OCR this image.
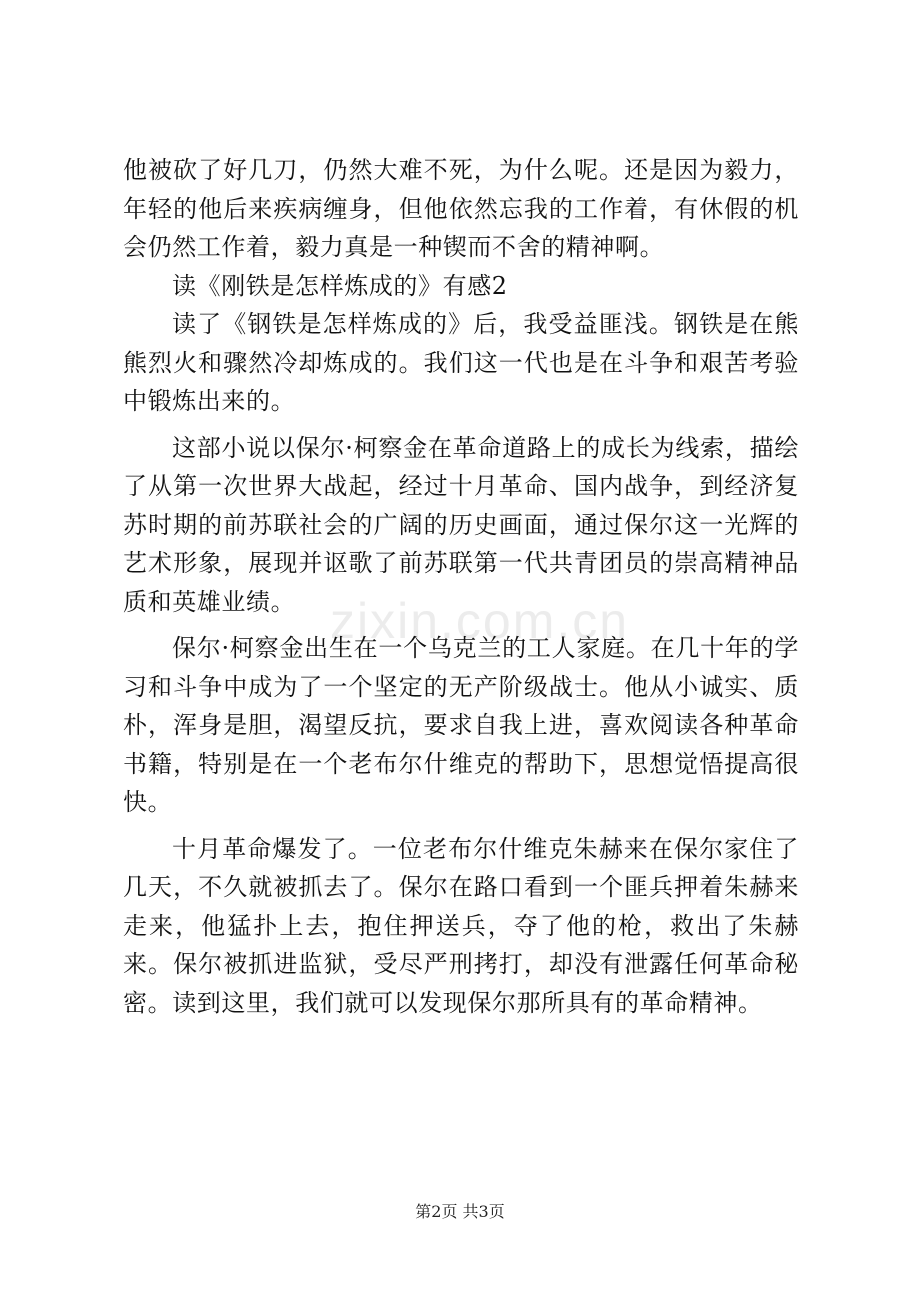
zixin.com.cn

他被砍了好几刀，仍然大难不死，为什么呢。还是因为毅力，年轻的他后来疾病缠身，但他依然忘我的工作着，有休假的机会仍然工作着，毅力真是一种锲而不舍的精神啊。

读《刚铁是怎样炼成的》有感2

读了《钢铁是怎样炼成的》后，我受益匪浅。钢铁是在熊熊烈火和骤然冷却炼成的。我们这一代也是在斗争和艰苦考验中锻炼出来的。

这部小说以保尔·柯察金在革命道路上的成长为线索，描绘了从第一次世界大战起，经过十月革命、国内战争，到经济复苏时期的前苏联社会的广阔的历史画面，通过保尔这一光辉的艺术形象，展现并讴歌了前苏联第一代共青团员的崇高精神品质和英雄业绩。

保尔·柯察金出生在一个乌克兰的工人家庭。在几十年的学习和斗争中成为了一个坚定的无产阶级战士。他从小诚实、质朴，浑身是胆，渴望反抗，要求自我上进，喜欢阅读各种革命书籍，特别是在一个老布尔什维克的帮助下，思想觉悟提高很快。

十月革命爆发了。一位老布尔什维克朱赫来在保尔家住了几天，不久就被抓去了。保尔在路口看到一个匪兵押着朱赫来走来，他猛扑上去，抱住押送兵，夺了他的枪，救出了朱赫来。保尔被抓进监狱，受尽严刑拷打，却没有泄露任何革命秘密。读到这里，我们就可以发现保尔那所具有的革命精神。

第2页 共3页
